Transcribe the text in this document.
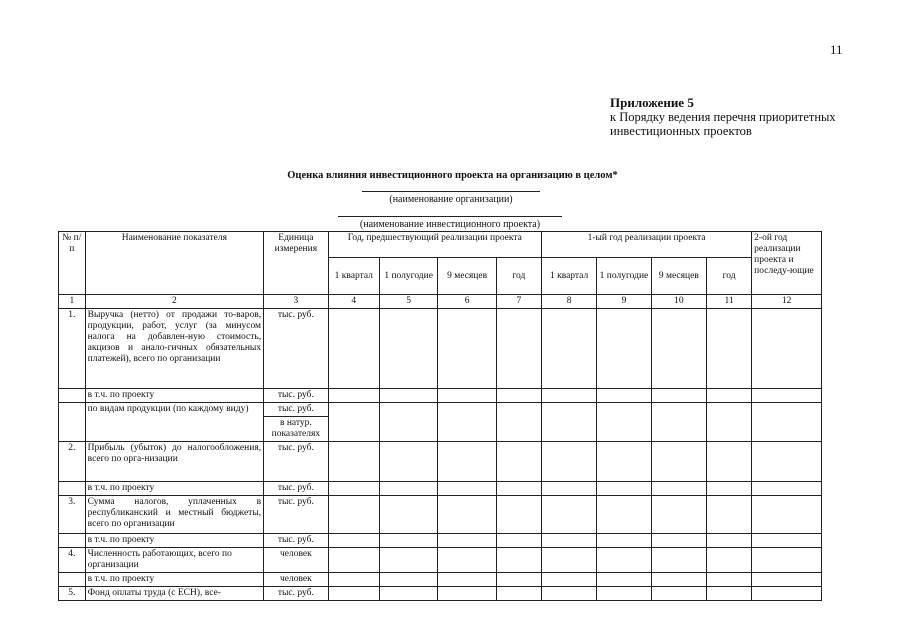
11
Приложение 5
к Порядку ведения перечня приоритетных
инвестиционных проектов
Оценка влияния инвестиционного проекта на организацию в целом*
(наименование организации)
(наименование инвестиционного проекта)
№ п/п	Наименование показателя	Единица измерения	Год, предшествующий реализации проекта				1-ый год реализации проекта				2-ой год реализации проекта и последу-ющие
			1 квартал	1 полугодие	9 месяцев	год	1 квартал	1 полугодие	9 месяцев	год	
1	2	3	4	5	6	7	8	9	10	11	12
1.	Выручка (нетто) от продажи то-варов, продукции, работ, услуг (за минусом налога на добавлен-ную стоимость, акцизов и анало-гичных обязательных платежей), всего по организации	тыс. руб.									
	в т.ч. по проекту	тыс. руб.									
	по видам продукции (по каждому виду)	тыс. руб.									
		в натур. показателях									
2.	Прибыль (убыток) до налогообложения, всего по орга-низации	тыс. руб.									
	в т.ч. по проекту	тыс. руб.									
3.	Сумма налогов, уплаченных в республиканский и местный бюджеты, всего по организации	тыс. руб.									
	в т.ч. по проекту	тыс. руб.									
4.	Численность работающих, всего по организации	человек									
	в т.ч. по проекту	человек									
5.	Фонд оплаты труда (с ЕСН), все-	тыс. руб.									
